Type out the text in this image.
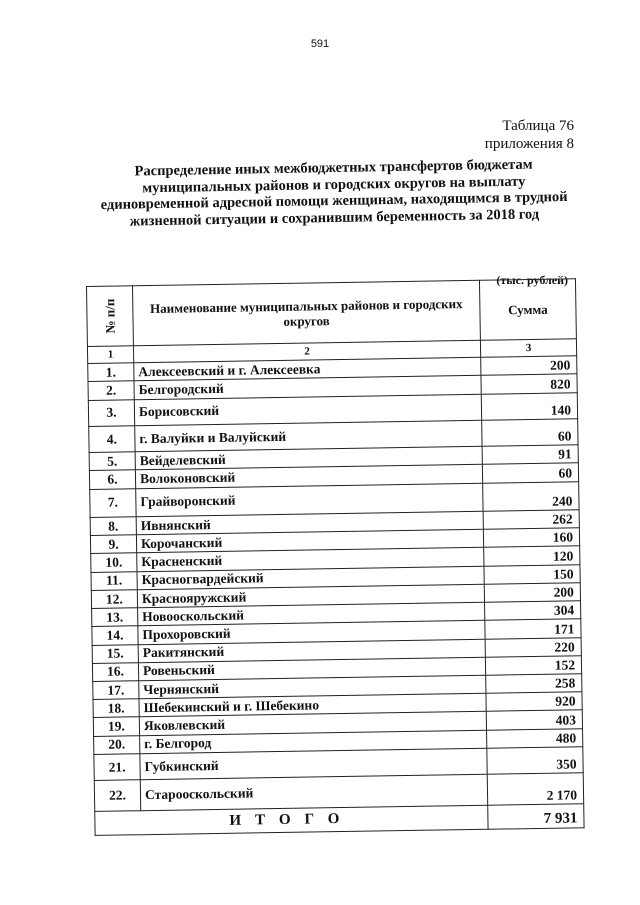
591
Таблица 76
приложения 8
Распределение иных межбюджетных трансфертов бюджетам муниципальных районов и городских округов на выплату единовременной адресной помощи женщинам, находящимся в трудной жизненной ситуации и сохранившим беременность за 2018 год
(тыс. рублей)
№ п/п	Наименование муниципальных районов и городских округов	Сумма
1	2	3
1.	Алексеевский и г. Алексеевка	200
2.	Белгородский	820
3.	Борисовский	140
4.	г. Валуйки и Валуйский	60
5.	Вейделевский	91
6.	Волоконовский	60
7.	Грайворонский	240
8.	Ивнянский	262
9.	Корочанский	160
10.	Красненский	120
11.	Красногвардейский	150
12.	Краснояружский	200
13.	Новооскольский	304
14.	Прохоровский	171
15.	Ракитянский	220
16.	Ровеньский	152
17.	Чернянский	258
18.	Шебекинский и г. Шебекино	920
19.	Яковлевский	403
20.	г. Белгород	480
21.	Губкинский	350
22.	Старооскольский	2 170
ИТОГО		7 931
